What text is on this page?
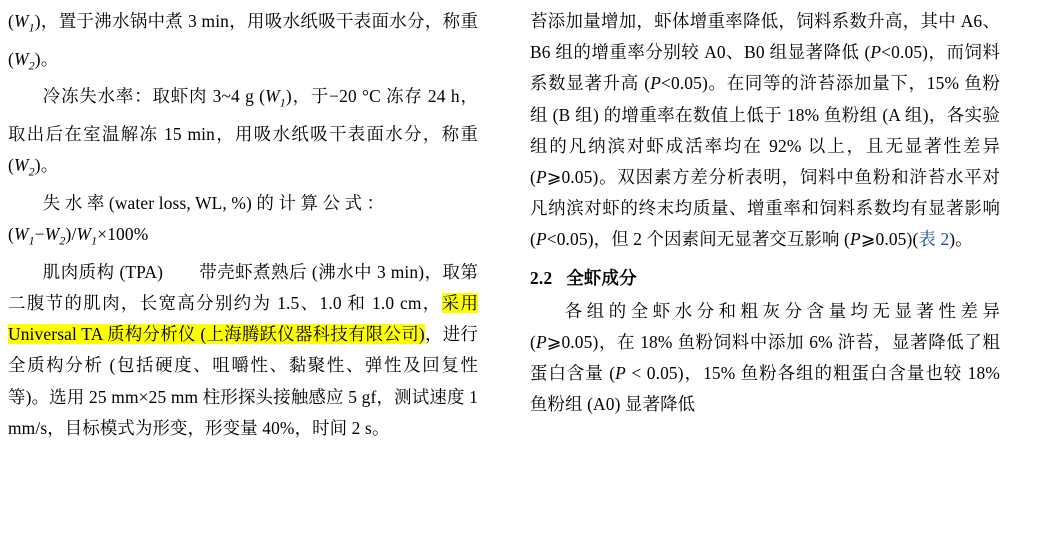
$(W_1)$，置于沸水锅中煮 3 min，用吸水纸吸干表面水分，称重 $(W_2)$。

冷冻失水率：取虾肉 3~4 g $(W_1)$，于−20 °C 冻存 24 h，取出后在室温解冻 15 min，用吸水纸吸干表面水分，称重 $(W_2)$。

失 水 率 (water loss, WL, %) 的 计 算 公 式 ：

$(W_1-W_2)/W_1\times 100\%$

肌肉质构 (TPA)　　带壳虾煮熟后 (沸水中 3 min)，取第二腹节的肌肉，长宽高分别约为 1.5、1.0 和 1.0 cm，采用 Universal TA 质构分析仪 (上海腾跃仪器科技有限公司)，进行全质构分析 (包括硬度、咀嚼性、黏聚性、弹性及回复性等)。选用 25 mm×25 mm 柱形探头接触感应 5 gf，测试速度 1 mm/s，目标模式为形变，形变量 40%，时间 2 s。

苔添加量增加，虾体增重率降低，饲料系数升高，其中 A6、B6 组的增重率分别较 A0、B0 组显著降低 (P<0.05)，而饲料系数显著升高 (P<0.05)。在同等的浒苔添加量下，15% 鱼粉组 (B 组) 的增重率在数值上低于 18% 鱼粉组 (A 组)，各实验组的凡纳滨对虾成活率均在 92% 以上，且无显著性差异 (P⩾0.05)。双因素方差分析表明，饲料中鱼粉和浒苔水平对凡纳滨对虾的终末均质量、增重率和饲料系数均有显著影响 (P<0.05)，但 2 个因素间无显著交互影响 (P⩾0.05)(表 2)。

2.2 全虾成分

各组的全虾水分和粗灰分含量均无显著性差异 (P⩾0.05)，在 18% 鱼粉饲料中添加 6% 浒苔，显著降低了粗蛋白含量 (P < 0.05)，15% 鱼粉各组的粗蛋白含量也较 18% 鱼粉组 (A0) 显著降低
